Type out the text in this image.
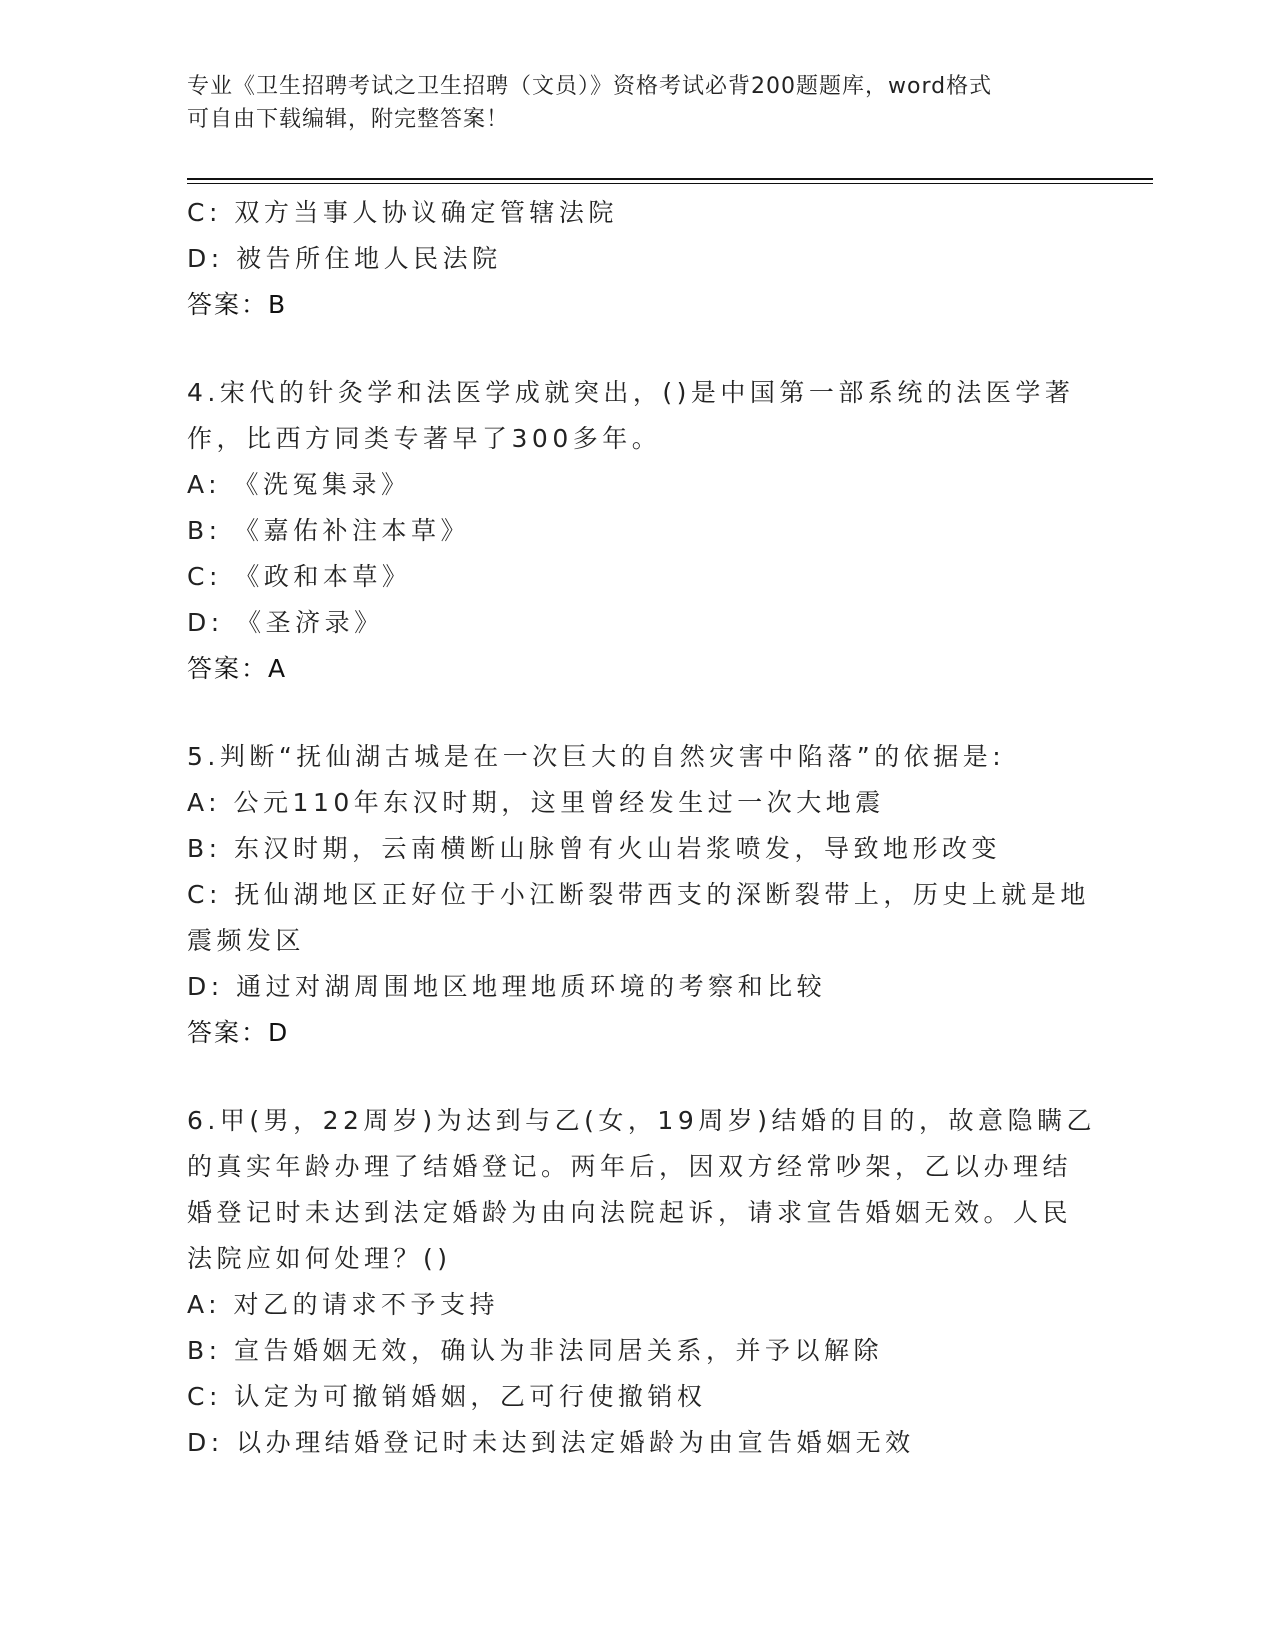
专业《卫生招聘考试之卫生招聘（文员）》资格考试必背200题题库，word格式
可自由下载编辑，附完整答案！
C: 双方当事人协议确定管辖法院
D: 被告所住地人民法院
答案：B
4.宋代的针灸学和法医学成就突出，()是中国第一部系统的法医学著
作，比西方同类专著早了300多年。
A: 《洗冤集录》
B: 《嘉佑补注本草》
C: 《政和本草》
D: 《圣济录》
答案：A
5.判断“抚仙湖古城是在一次巨大的自然灾害中陷落”的依据是:
A: 公元110年东汉时期，这里曾经发生过一次大地震
B: 东汉时期，云南横断山脉曾有火山岩浆喷发，导致地形改变
C: 抚仙湖地区正好位于小江断裂带西支的深断裂带上，历史上就是地
震频发区
D: 通过对湖周围地区地理地质环境的考察和比较
答案：D
6.甲(男，22周岁)为达到与乙(女，19周岁)结婚的目的，故意隐瞒乙
的真实年龄办理了结婚登记。两年后，因双方经常吵架，乙以办理结
婚登记时未达到法定婚龄为由向法院起诉，请求宣告婚姻无效。人民
法院应如何处理？()
A: 对乙的请求不予支持
B: 宣告婚姻无效，确认为非法同居关系，并予以解除
C: 认定为可撤销婚姻，乙可行使撤销权
D: 以办理结婚登记时未达到法定婚龄为由宣告婚姻无效
